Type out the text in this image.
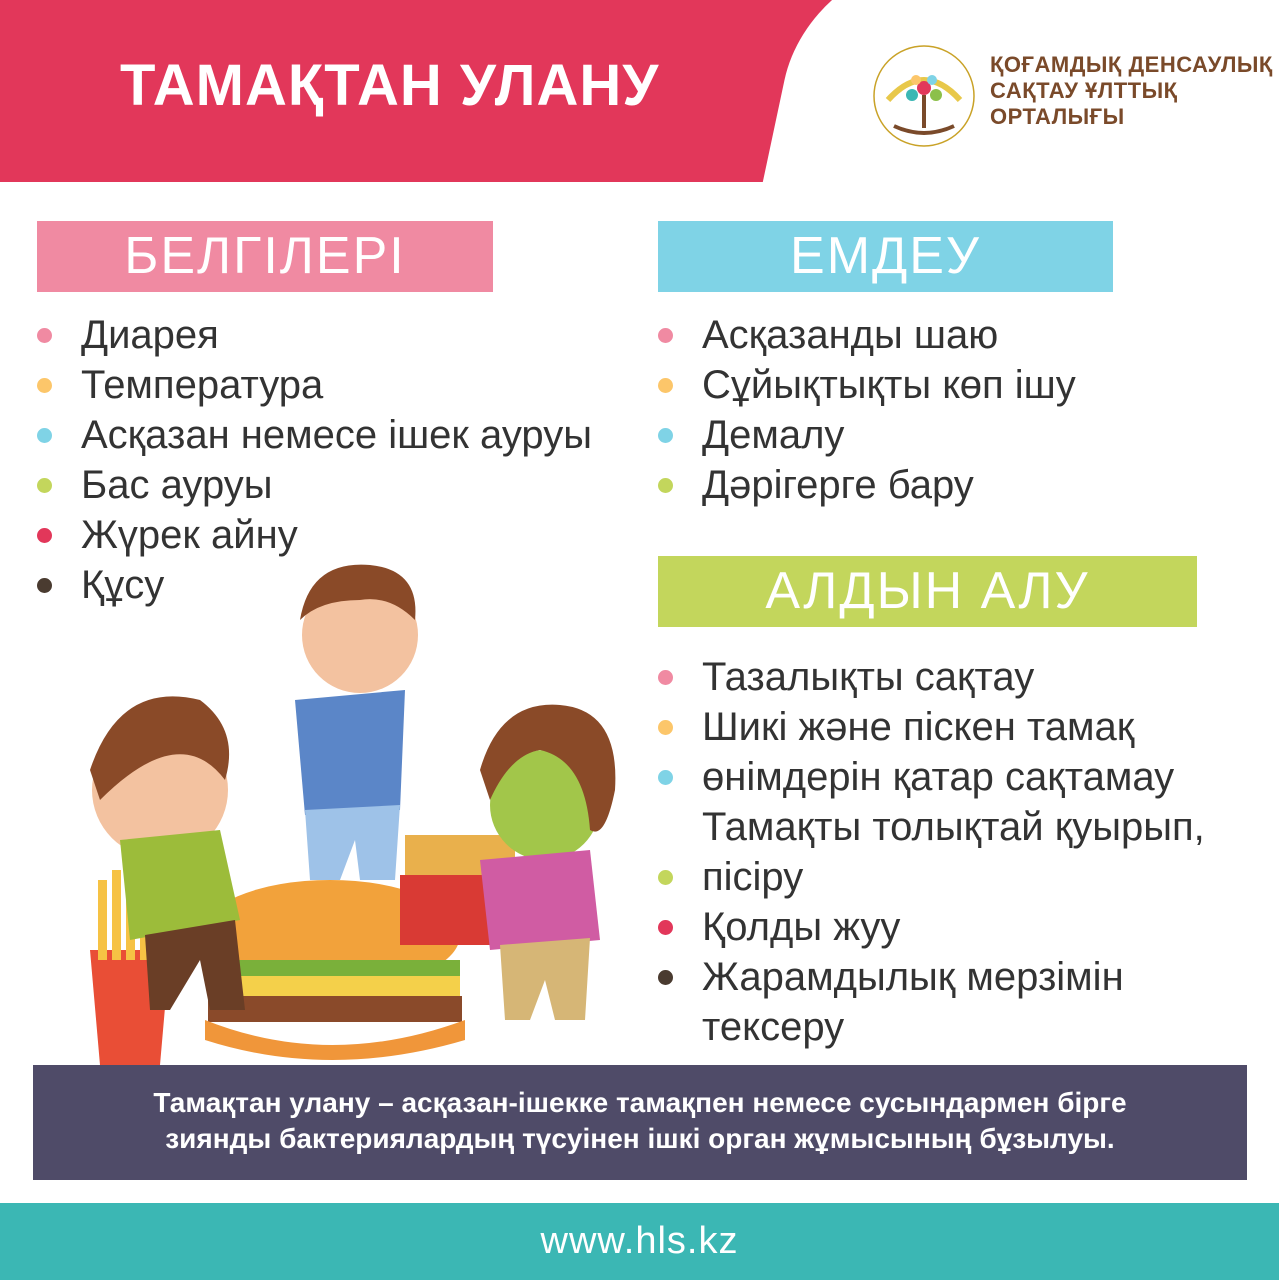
ТАМАҚТАН УЛАНУ	ҚОҒАМДЫҚ ДЕНСАУЛЫҚ
САҚТАУ ҰЛТТЫҚ
ОРТАЛЫҒЫ
БЕЛГІЛЕРІ	ЕМДЕУ
АЛДЫН АЛУ
Диарея
Температура
Асқазан немесе ішек ауруы
Бас ауруы
Жүрек айну
Құсу
Асқазанды шаю
Сұйықтықты көп ішу
Демалу
Дәрігерге бару
Тазалықты сақтау
Шикі және піскен тамақ
өнімдерін қатар сақтамау
Тамақты толықтай қуырып,
пісіру
Қолды жуу
Жарамдылық мерзімін
тексеру
Тамақтан улану – асқазан-ішекке тамақпен немесе сусындармен бірге
зиянды бактериялардың түсуінен ішкі орган жұмысының бұзылуы.
www.hls.kz
